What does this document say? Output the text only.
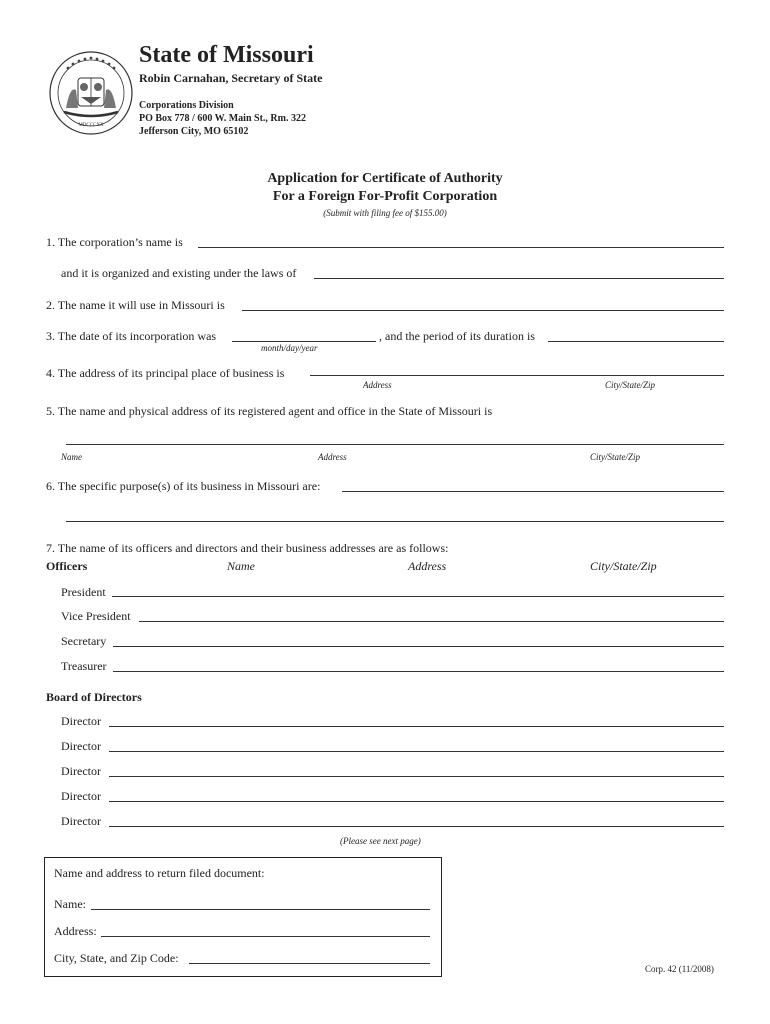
MDCCCXX
State of Missouri
Robin Carnahan, Secretary of State
Corporations Division
PO Box 778 / 600 W. Main St., Rm. 322
Jefferson City, MO 65102
Application for Certificate of Authority
For a Foreign For-Profit Corporation
(Submit with filing fee of $155.00)
1. The corporation’s name is
and it is organized and existing under the laws of
2. The name it will use in Missouri is
3. The date of its incorporation was	, and the period of its duration is
month/day/year
4. The address of its principal place of business is
Address	City/State/Zip
5. The name and physical address of its registered agent and office in the State of Missouri is
Name	Address	City/State/Zip
6. The specific purpose(s) of its business in Missouri are:
7. The name of its officers and directors and their business addresses are as follows:
Officers	Name	Address	City/State/Zip
President
Vice President
Secretary
Treasurer
Board of Directors
Director
Director
Director
Director
Director
(Please see next page)
Name and address to return filed document:
Name:
Address:
City, State, and Zip Code:
Corp. 42 (11/2008)
